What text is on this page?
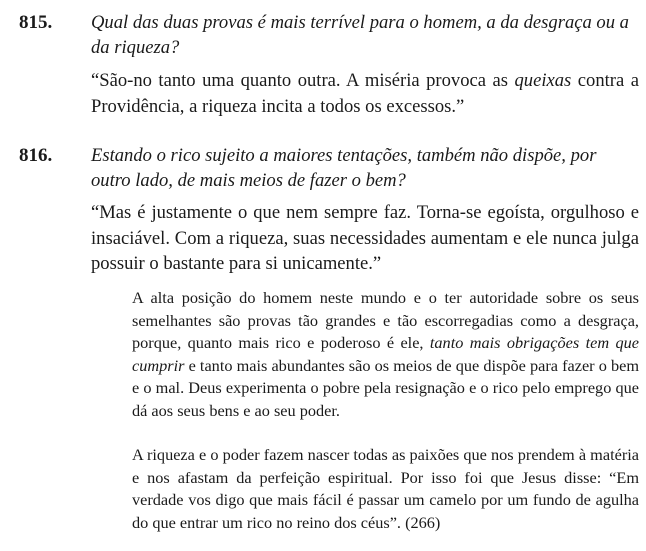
815. Qual das duas provas é mais terrível para o homem, a da desgraça ou a da riqueza?

“São-no tanto uma quanto outra. A miséria provoca as queixas contra a Providência, a riqueza incita a todos os excessos.”

816. Estando o rico sujeito a maiores tentações, também não dispõe, por outro lado, de mais meios de fazer o bem?

“Mas é justamente o que nem sempre faz. Torna-se egoísta, orgulhoso e insaciável. Com a riqueza, suas necessidades aumentam e ele nunca julga possuir o bastante para si unicamente.”

A alta posição do homem neste mundo e o ter autoridade sobre os seus semelhantes são provas tão grandes e tão escorregadias como a desgraça, porque, quanto mais rico e poderoso é ele, tanto mais obrigações tem que cumprir e tanto mais abundantes são os meios de que dispõe para fazer o bem e o mal. Deus experimenta o pobre pela resignação e o rico pelo emprego que dá aos seus bens e ao seu poder.

A riqueza e o poder fazem nascer todas as paixões que nos prendem à matéria e nos afastam da perfeição espiritual. Por isso foi que Jesus disse: “Em verdade vos digo que mais fácil é passar um camelo por um fundo de agulha do que entrar um rico no reino dos céus”. (266)
